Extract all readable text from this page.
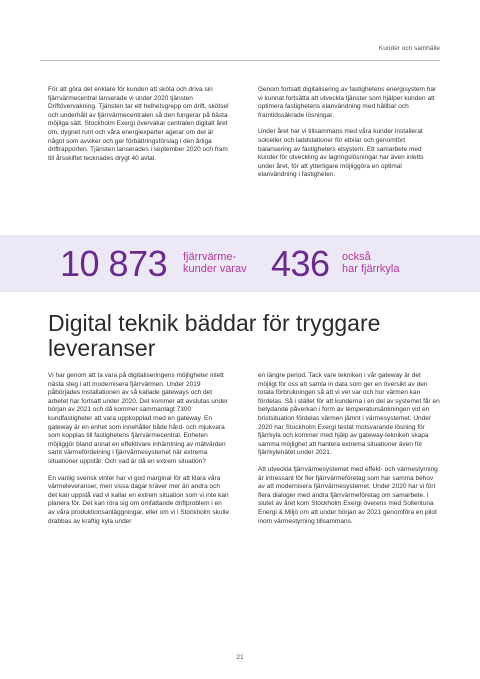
Kunder och samhälle

För att göra det enklare för kunden att sköta och driva sin fjärrvärmecentral lanserade vi under 2020 tjänsten Driftövervakning. Tjänsten tar ett helhetsgrepp om drift, skötsel och underhåll av fjärrvärmecentralen så den fungerar på bästa möjliga sätt. Stockholm Exergi övervakar centralen digitalt året om, dygnet runt och våra energiexperter agerar om det är något som avviker och ger förbättringsförslag i den årliga driftrapporten. Tjänsten lanserades i september 2020 och fram till årsskiftet tecknades drygt 40 avtal.

Genom fortsatt digitalisering av fastighetens energisystem har vi kunnat fortsätta att utveckla tjänster som hjälper kunden att optimera fastighetens elanvändning med hållbar och framtidssäkrade lösningar.

Under året har vi tillsammans med våra kunder installerat solceller och laddstationer för elbilar och genomfört balansering av fastigheters elsystem. Ett samarbete med kunder för utveckling av lagringslösningar har även inletts under året, för att ytterligare möjliggöra en optimal elanvändning i fastigheten.

10 873 fjärrvärme-
kunder varav 436 också
har fjärrkyla
Digital teknik bäddar för tryggare leveranser

Vi har genom att ta vara på digitaliseringens möjligheter inlett nästa steg i att modernisera fjärrvärmen. Under 2019 påbörjades installationen av så kallade gateways och det arbetet har fortsatt under 2020. Det kommer att avslutas under början av 2021 och då kommer sammanlagt 7300 kundfastigheter att vara uppkopplad med en gateway. En gateway är en enhet som innehåller både hård- och mjukvara som kopplas till fastighetens fjärrvärmecentral. Enheten möjliggör bland annat en effektivare inhämtning av mätvärden samt värmefördelning i fjärrvärmesystemet när extrema situationer uppstår. Och vad är då en extrem situation?

En vanlig svensk vinter har vi god marginal för att klara våra värmeleveranser, men vissa dagar kräver mer än andra och det kan uppstå vad vi kallar en extrem situation som vi inte kan planera för. Det kan röra sig om omfattande driftproblem i en av våra produktionsanläggningar, eller om vi i Stockholm skulle drabbas av kraftig kyla under

en längre period. Tack vare tekniken i vår gateway är det möjligt för oss att samla in data som ger en översikt av den totala förbrukningen så att vi vet var och hur värmen kan fördelas. Så i stället för att kunderna i en del av systemet får en betydande påverkan i form av temperatursänkningen vid en bristsituation fördelas värmen jämnt i värmesystemet. Under 2020 har Stockholm Exergi testat motsvarande lösning för fjärrkyla och kommer med hjälp av gateway-tekniken skapa samma möjlighet att hantera extrema situationer även för fjärrkylenätet under 2021.

Att utveckla fjärrvärmesystemet med effekt- och värmestyrning är intressant för fler fjärrvärmeföretag som har samma behov av att modernisera fjärrvärmesystemet. Under 2020 har vi fört flera dialoger med andra fjärrvärmeföretag om samarbete. I slutet av året kom Stockholm Exergi överens med Sollentuna Energi & Miljö om att under början av 2021 genomföra en pilot inom värmestyrning tillsammans.

21
